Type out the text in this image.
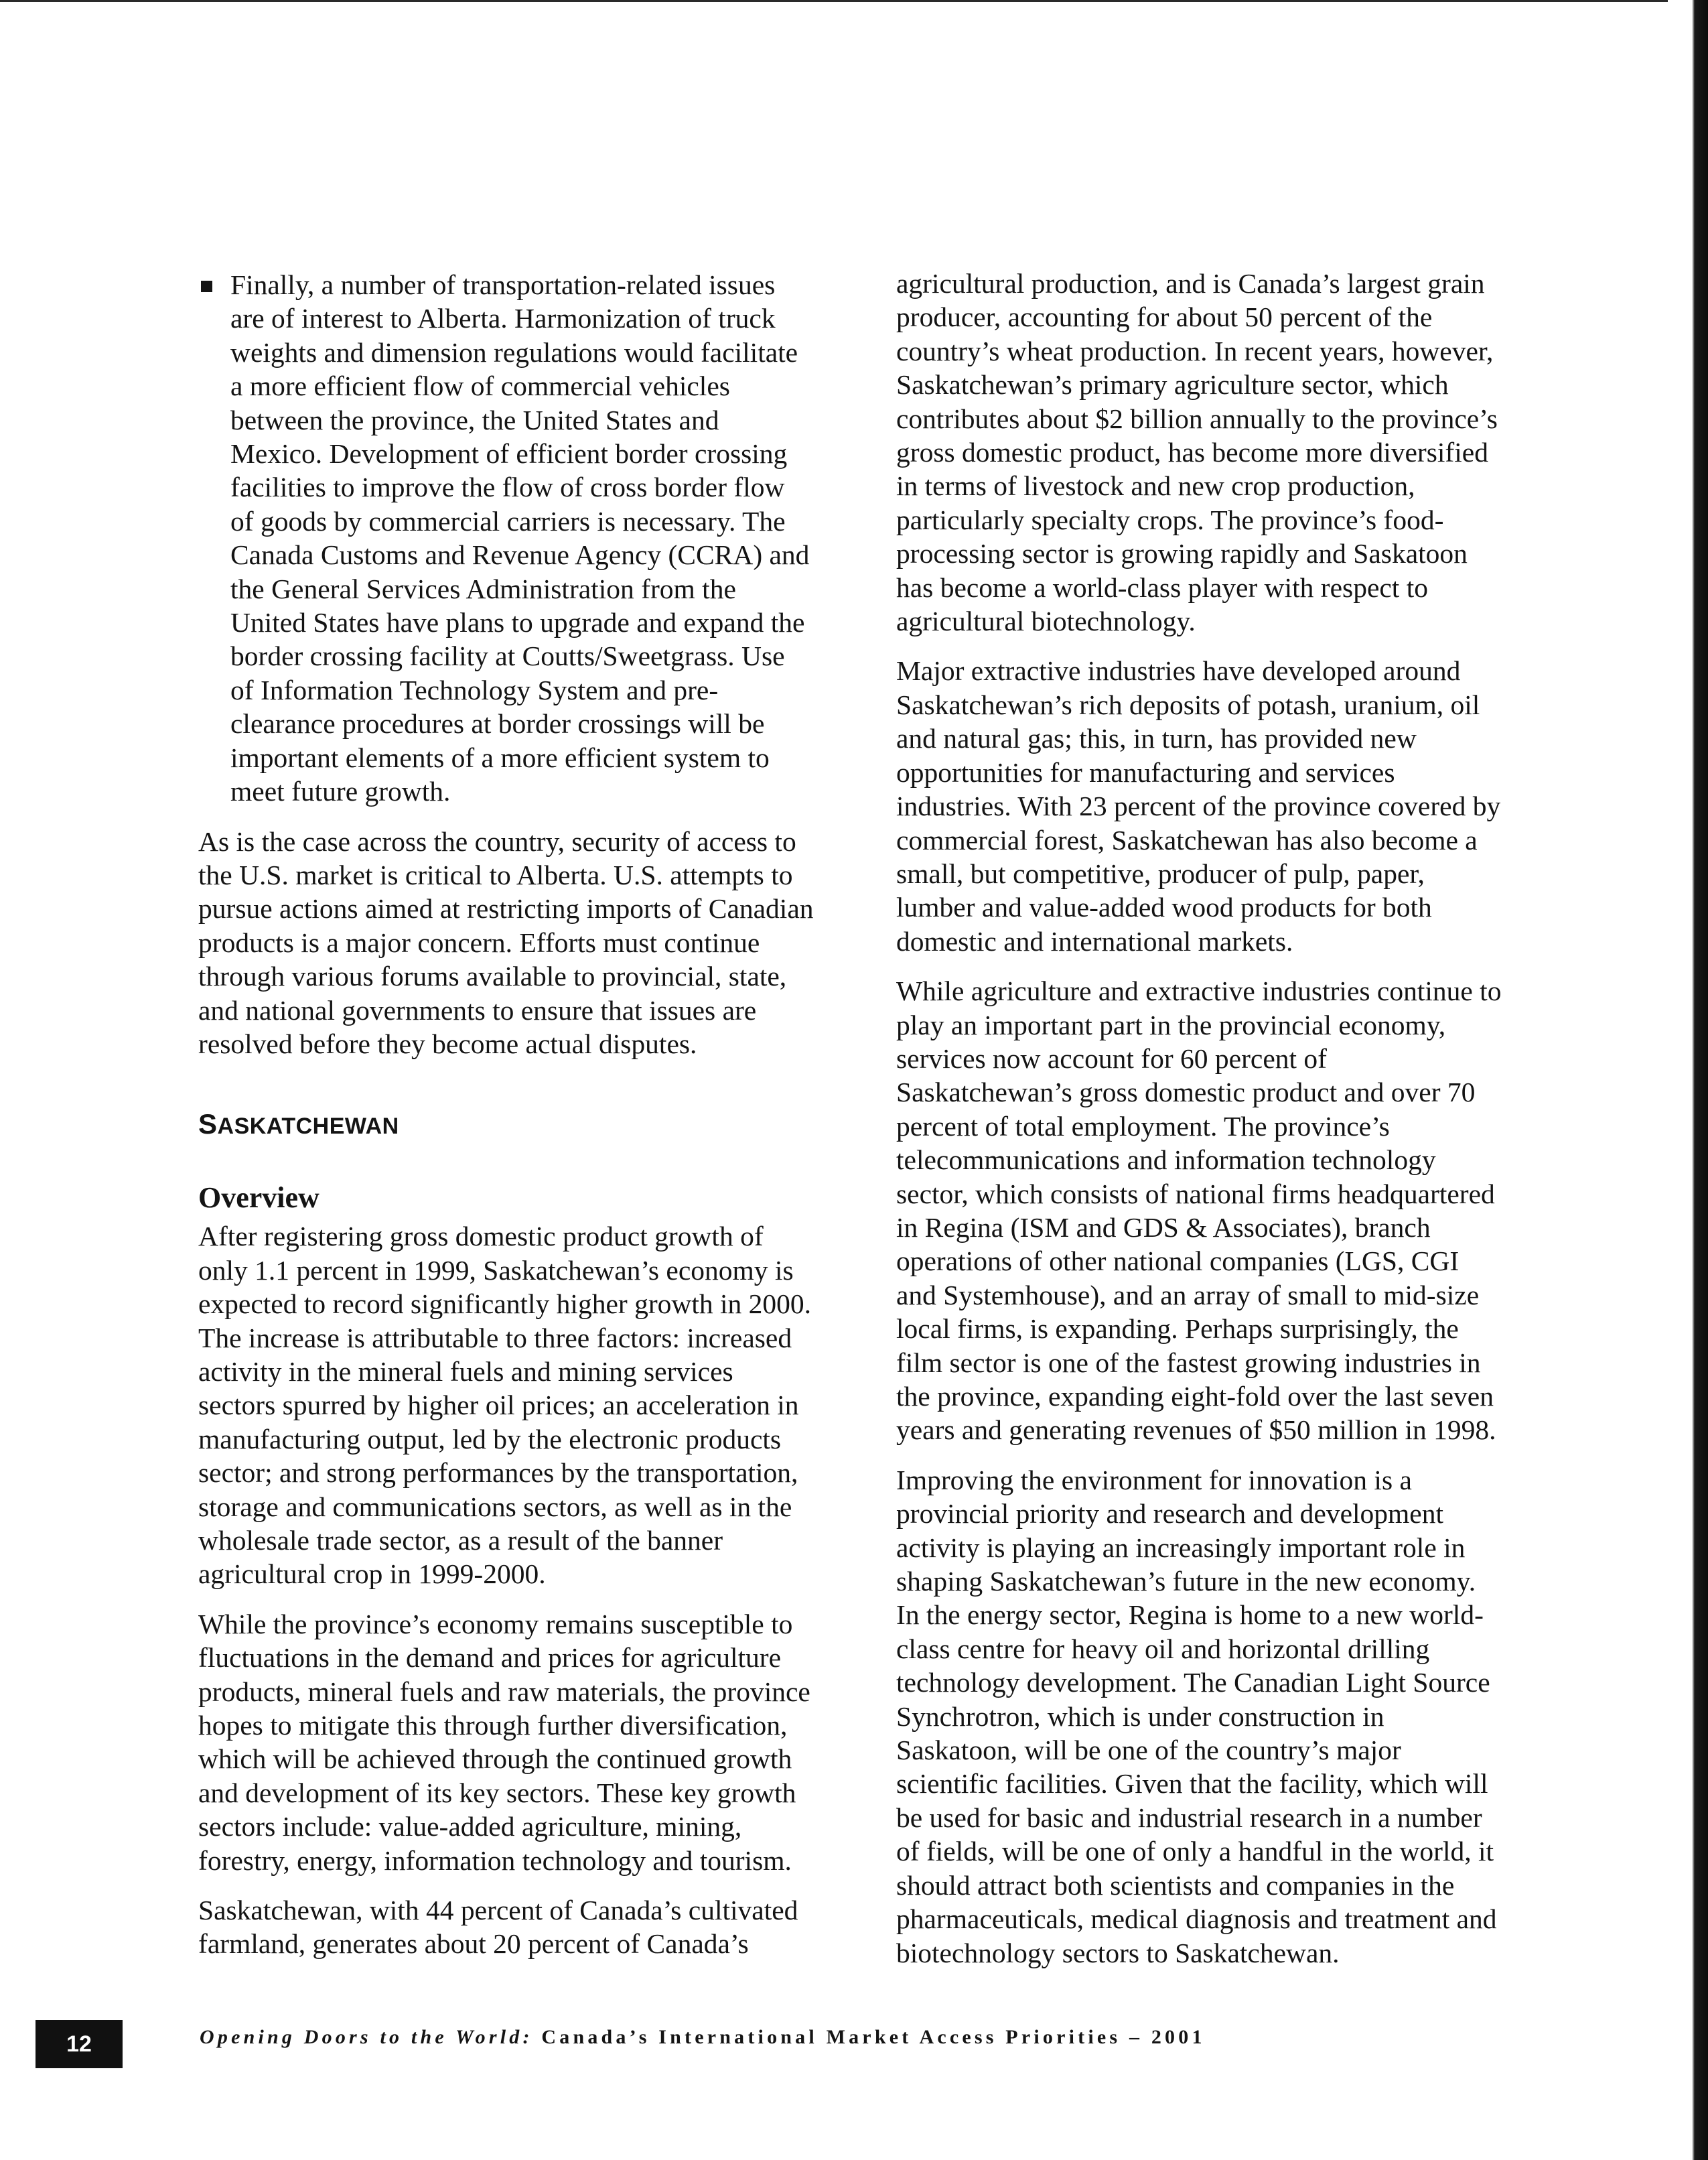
Finally, a number of transportation-related issues are of interest to Alberta. Harmonization of truck weights and dimension regulations would facilitate a more efficient flow of commercial vehicles between the province, the United States and Mexico. Development of efficient border crossing facilities to improve the flow of cross border flow of goods by commercial carriers is necessary. The Canada Customs and Revenue Agency (CCRA) and the General Services Administration from the United States have plans to upgrade and expand the border crossing facility at Coutts/Sweetgrass. Use of Information Technology System and pre-clearance procedures at border crossings will be important elements of a more efficient system to meet future growth.

As is the case across the country, security of access to the U.S. market is critical to Alberta. U.S. attempts to pursue actions aimed at restricting imports of Canadian products is a major concern. Efforts must continue through various forums available to provincial, state, and national governments to ensure that issues are resolved before they become actual disputes.

SASKATCHEWAN
Overview

After registering gross domestic product growth of only 1.1 percent in 1999, Saskatchewan’s economy is expected to record significantly higher growth in 2000. The increase is attributable to three factors: increased activity in the mineral fuels and mining services sectors spurred by higher oil prices; an acceleration in manufacturing output, led by the electronic products sector; and strong performances by the transportation, storage and communications sectors, as well as in the wholesale trade sector, as a result of the banner agricultural crop in 1999-2000.

While the province’s economy remains susceptible to fluctuations in the demand and prices for agriculture products, mineral fuels and raw materials, the province hopes to mitigate this through further diversification, which will be achieved through the continued growth and development of its key sectors. These key growth sectors include: value-added agriculture, mining, forestry, energy, information technology and tourism.

Saskatchewan, with 44 percent of Canada’s cultivated farmland, generates about 20 percent of Canada’s

agricultural production, and is Canada’s largest grain producer, accounting for about 50 percent of the country’s wheat production. In recent years, however, Saskatchewan’s primary agriculture sector, which contributes about $2 billion annually to the province’s gross domestic product, has become more diversified in terms of livestock and new crop production, particularly specialty crops. The province’s food-processing sector is growing rapidly and Saskatoon has become a world-class player with respect to agricultural biotechnology.

Major extractive industries have developed around Saskatchewan’s rich deposits of potash, uranium, oil and natural gas; this, in turn, has provided new opportunities for manufacturing and services industries. With 23 percent of the province covered by commercial forest, Saskatchewan has also become a small, but competitive, producer of pulp, paper, lumber and value-added wood products for both domestic and international markets.

While agriculture and extractive industries continue to play an important part in the provincial economy, services now account for 60 percent of Saskatchewan’s gross domestic product and over 70 percent of total employment. The province’s telecommunications and information technology sector, which consists of national firms headquartered in Regina (ISM and GDS & Associates), branch operations of other national companies (LGS, CGI and Systemhouse), and an array of small to mid-size local firms, is expanding. Perhaps surprisingly, the film sector is one of the fastest growing industries in the province, expanding eight-fold over the last seven years and generating revenues of $50 million in 1998.

Improving the environment for innovation is a provincial priority and research and development activity is playing an increasingly important role in shaping Saskatchewan’s future in the new economy. In the energy sector, Regina is home to a new world-class centre for heavy oil and horizontal drilling technology development. The Canadian Light Source Synchrotron, which is under construction in Saskatoon, will be one of the country’s major scientific facilities. Given that the facility, which will be used for basic and industrial research in a number of fields, will be one of only a handful in the world, it should attract both scientists and companies in the pharmaceuticals, medical diagnosis and treatment and biotechnology sectors to Saskatchewan.

12	Opening Doors to the World: Canada’s International Market Access Priorities – 2001
